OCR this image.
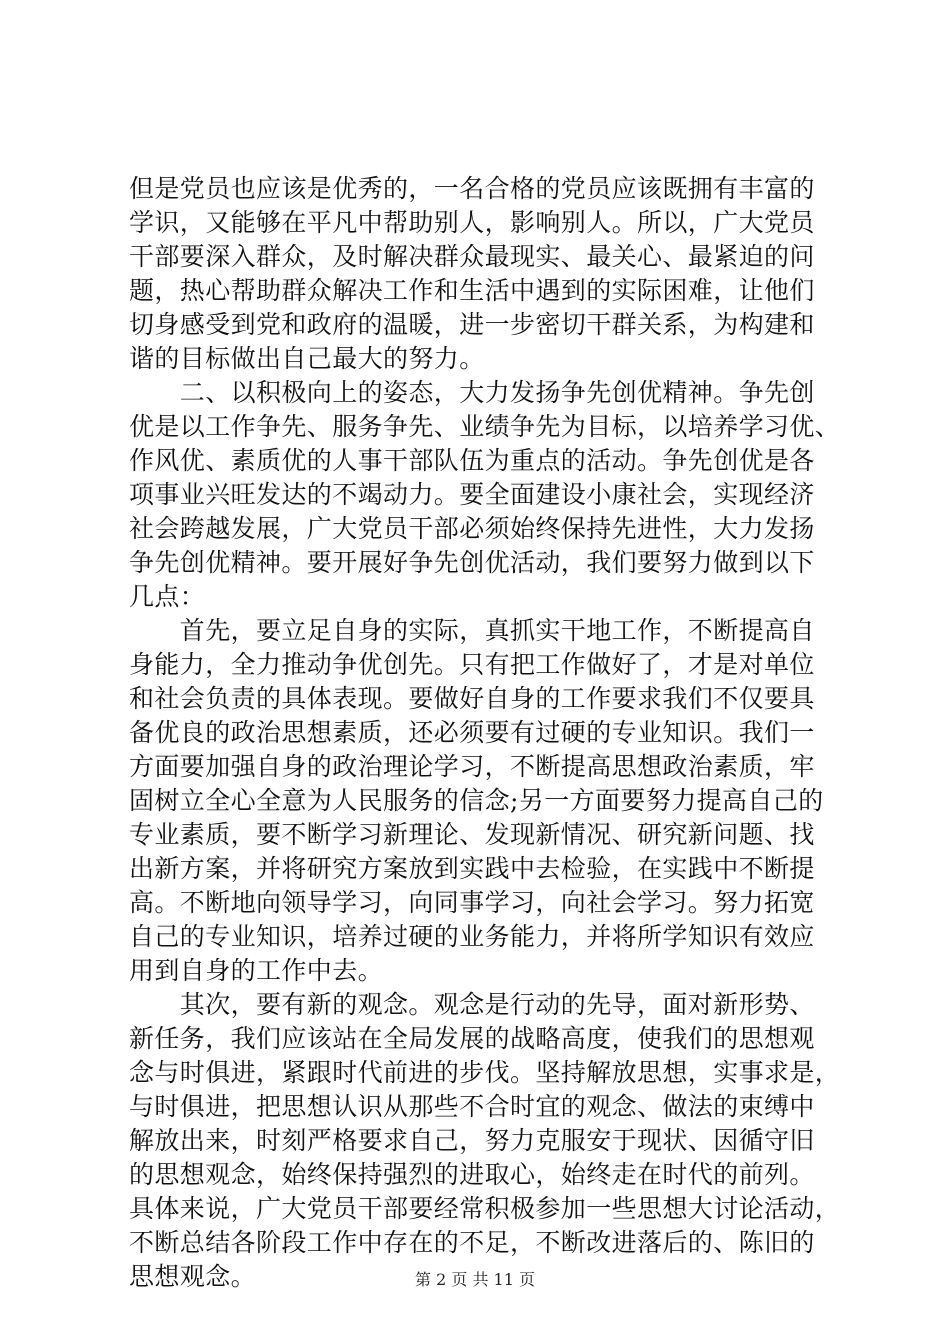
但是党员也应该是优秀的，一名合格的党员应该既拥有丰富的
学识，又能够在平凡中帮助别人，影响别人。所以，广大党员
干部要深入群众，及时解决群众最现实、最关心、最紧迫的问
题，热心帮助群众解决工作和生活中遇到的实际困难，让他们
切身感受到党和政府的温暖，进一步密切干群关系，为构建和
谐的目标做出自己最大的努力。
　　二、以积极向上的姿态，大力发扬争先创优精神。争先创
优是以工作争先、服务争先、业绩争先为目标，以培养学习优、
作风优、素质优的人事干部队伍为重点的活动。争先创优是各
项事业兴旺发达的不竭动力。要全面建设小康社会，实现经济
社会跨越发展，广大党员干部必须始终保持先进性，大力发扬
争先创优精神。要开展好争先创优活动，我们要努力做到以下
几点：
　　首先，要立足自身的实际，真抓实干地工作，不断提高自
身能力，全力推动争优创先。只有把工作做好了，才是对单位
和社会负责的具体表现。要做好自身的工作要求我们不仅要具
备优良的政治思想素质，还必须要有过硬的专业知识。我们一
方面要加强自身的政治理论学习，不断提高思想政治素质，牢
固树立全心全意为人民服务的信念;另一方面要努力提高自己的
专业素质，要不断学习新理论、发现新情况、研究新问题、找
出新方案，并将研究方案放到实践中去检验，在实践中不断提
高。不断地向领导学习，向同事学习，向社会学习。努力拓宽
自己的专业知识，培养过硬的业务能力，并将所学知识有效应
用到自身的工作中去。
　　其次，要有新的观念。观念是行动的先导，面对新形势、
新任务，我们应该站在全局发展的战略高度，使我们的思想观
念与时俱进，紧跟时代前进的步伐。坚持解放思想，实事求是，
与时俱进，把思想认识从那些不合时宜的观念、做法的束缚中
解放出来，时刻严格要求自己，努力克服安于现状、因循守旧
的思想观念，始终保持强烈的进取心，始终走在时代的前列。
具体来说，广大党员干部要经常积极参加一些思想大讨论活动，
不断总结各阶段工作中存在的不足，不断改进落后的、陈旧的
思想观念。	第 2 页 共 11 页
